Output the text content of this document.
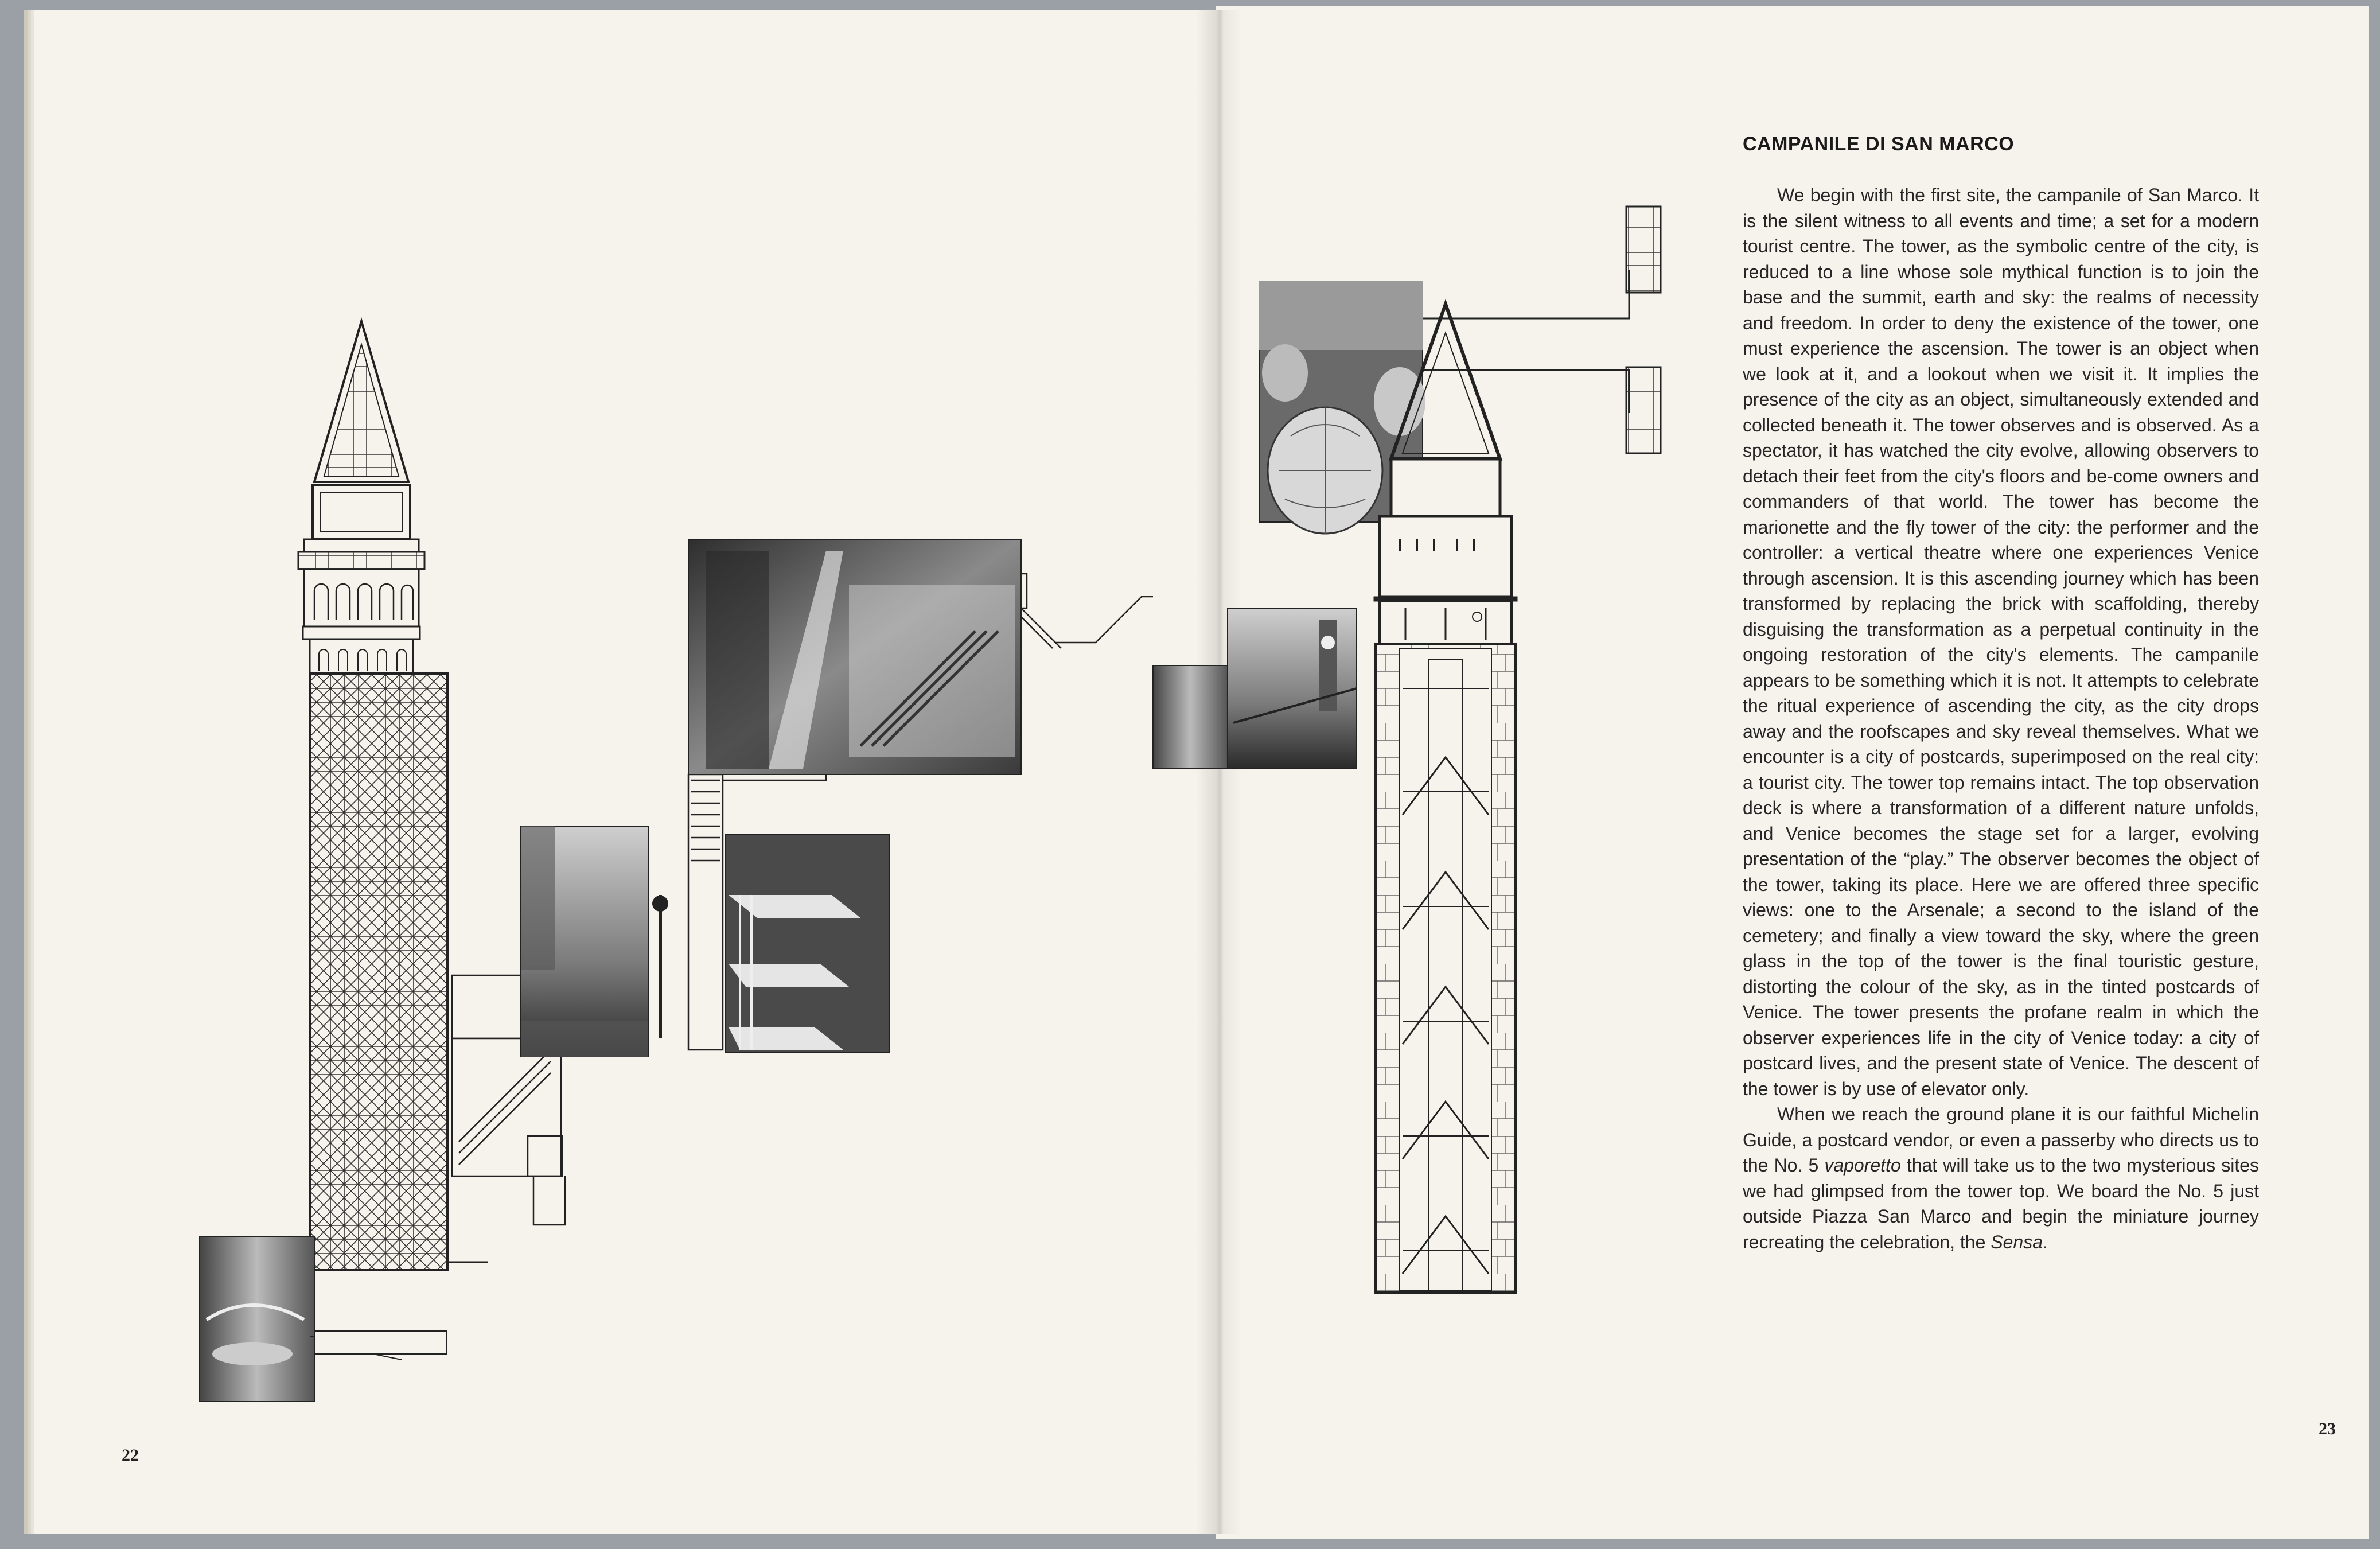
22
23
CAMPANILE DI SAN MARCO

We begin with the first site, the campanile of San Marco. It is the silent witness to all events and time; a set for a modern tourist centre. The tower, as the symbolic centre of the city, is reduced to a line whose sole mythical function is to join the base and the summit, earth and sky: the realms of necessity and freedom. In order to deny the existence of the tower, one must experience the ascension. The tower is an object when we look at it, and a lookout when we visit it. It implies the presence of the city as an object, simultaneously extended and collected beneath it. The tower observes and is observed. As a spectator, it has watched the city evolve, allowing observers to detach their feet from the city's floors and be-come owners and commanders of that world. The tower has become the marionette and the fly tower of the city: the performer and the controller: a vertical theatre where one experiences Venice through ascension. It is this ascending journey which has been transformed by replacing the brick with scaffolding, thereby disguising the transformation as a perpetual continuity in the ongoing restoration of the city's elements. The campanile appears to be something which it is not. It attempts to celebrate the ritual experience of ascending the city, as the city drops away and the roofscapes and sky reveal themselves. What we encounter is a city of postcards, superimposed on the real city: a tourist city. The tower top remains intact. The top observation deck is where a transformation of a different nature unfolds, and Venice becomes the stage set for a larger, evolving presentation of the “play.” The observer becomes the object of the tower, taking its place. Here we are offered three specific views: one to the Arsenale; a second to the island of the cemetery; and finally a view toward the sky, where the green glass in the top of the tower is the final touristic gesture, distorting the colour of the sky, as in the tinted postcards of Venice. The tower presents the profane realm in which the observer experiences life in the city of Venice today: a city of postcard lives, and the present state of Venice. The descent of the tower is by use of elevator only.

When we reach the ground plane it is our faithful Michelin Guide, a postcard vendor, or even a passerby who directs us to the No. 5 vaporetto that will take us to the two mysterious sites we had glimpsed from the tower top. We board the No. 5 just outside Piazza San Marco and begin the miniature journey recreating the celebration, the Sensa.
